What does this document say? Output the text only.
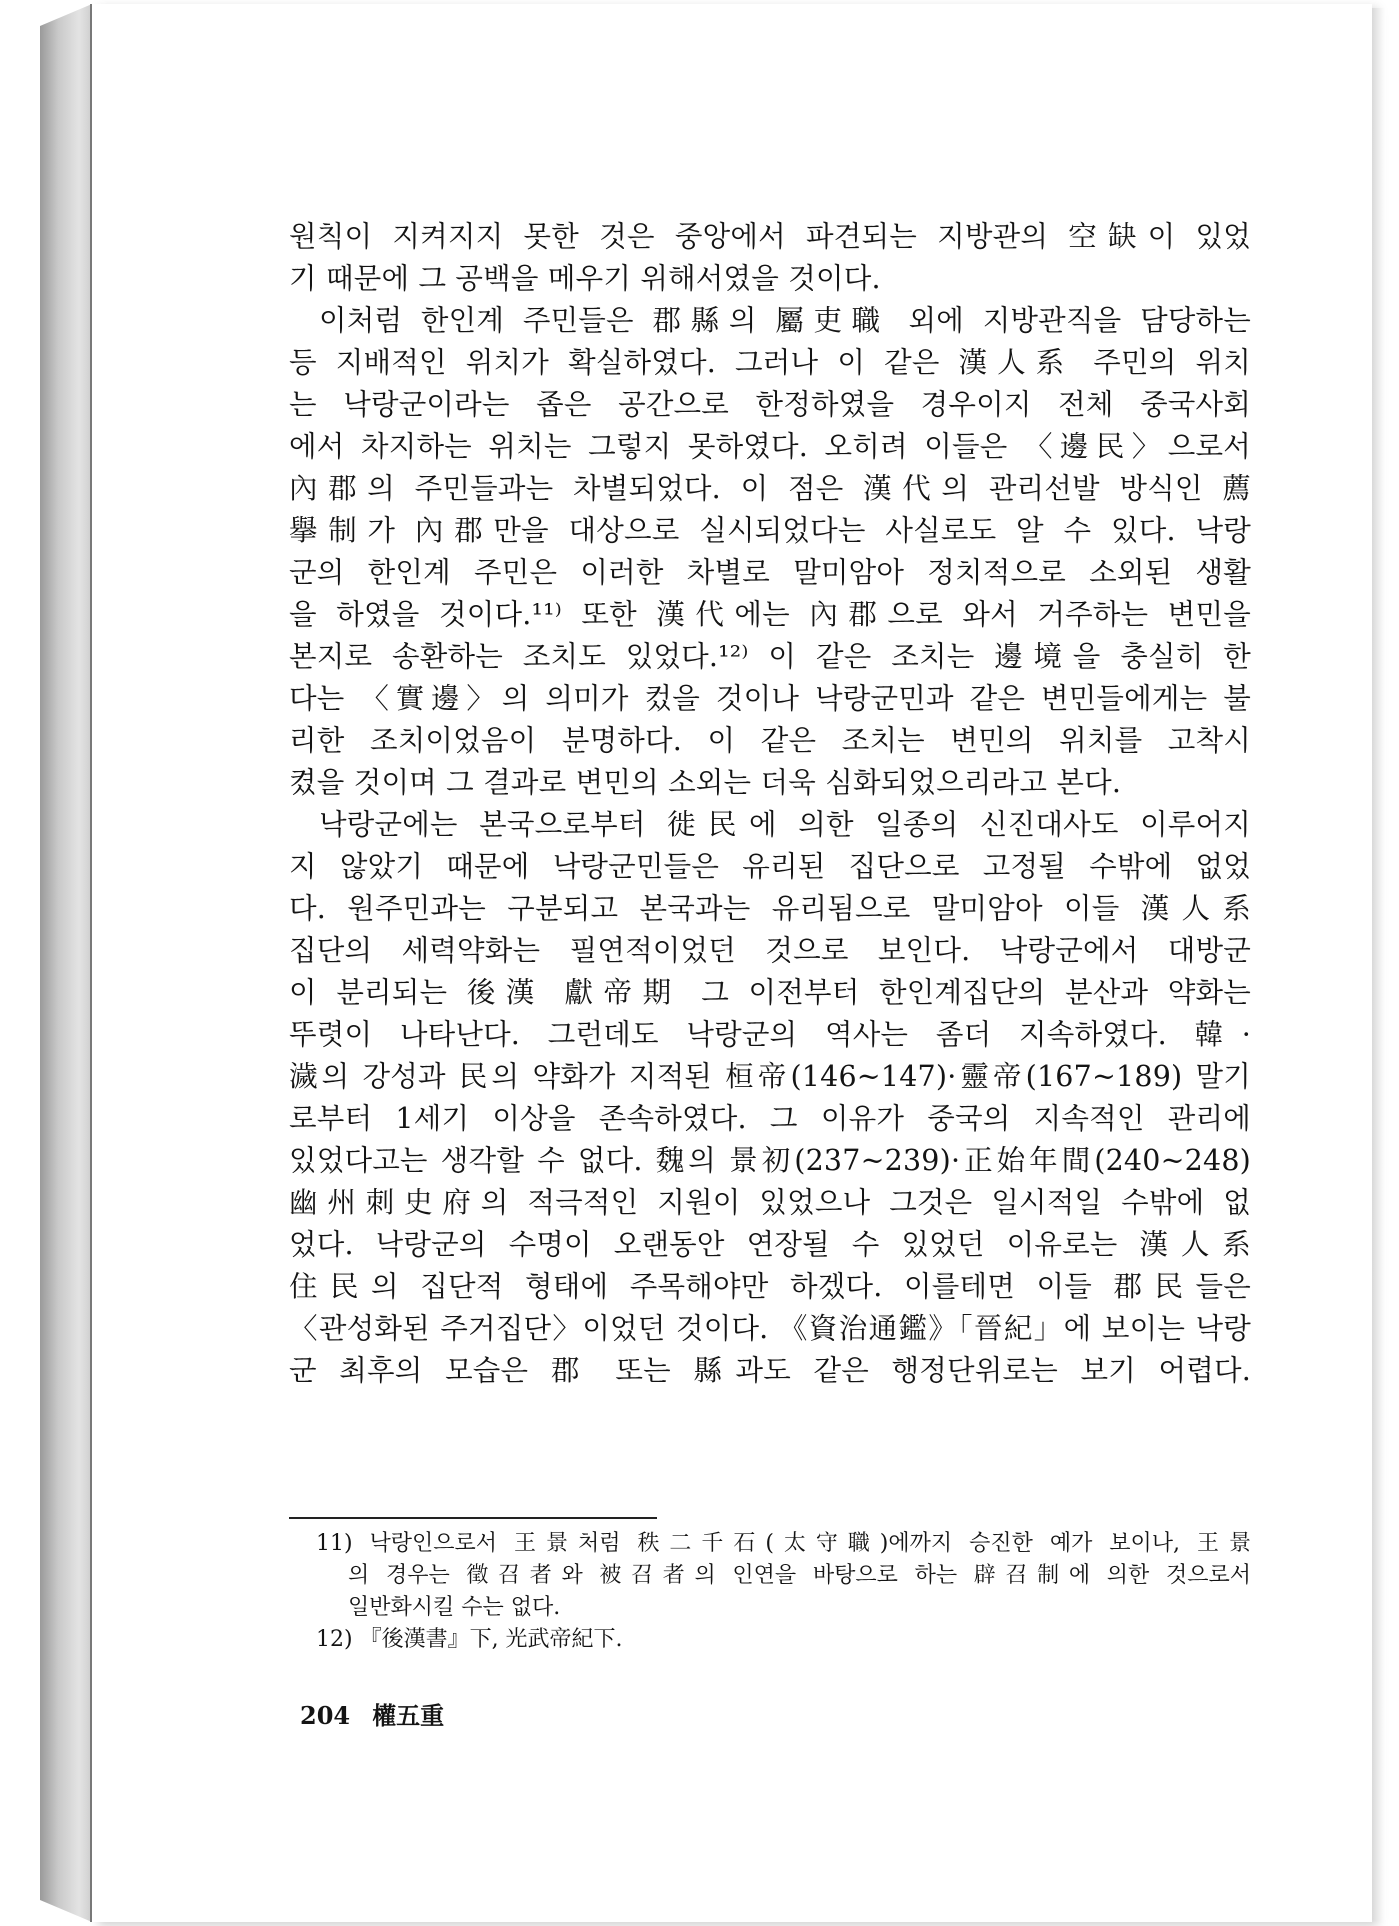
원칙이 지켜지지 못한 것은 중앙에서 파견되는 지방관의 空缺이 있었
기 때문에 그 공백을 메우기 위해서였을 것이다.
이처럼 한인계 주민들은 郡縣의 屬吏職 외에 지방관직을 담당하는
등 지배적인 위치가 확실하였다. 그러나 이 같은 漢人系 주민의 위치
는 낙랑군이라는 좁은 공간으로 한정하였을 경우이지 전체 중국사회
에서 차지하는 위치는 그렇지 못하였다. 오히려 이들은 〈邊民〉으로서
內郡의 주민들과는 차별되었다. 이 점은 漢代의 관리선발 방식인 薦
擧制가 內郡만을 대상으로 실시되었다는 사실로도 알 수 있다. 낙랑
군의 한인계 주민은 이러한 차별로 말미암아 정치적으로 소외된 생활
을 하였을 것이다.¹¹⁾ 또한 漢代에는 內郡으로 와서 거주하는 변민을
본지로 송환하는 조치도 있었다.¹²⁾ 이 같은 조치는 邊境을 충실히 한
다는 〈實邊〉의 의미가 컸을 것이나 낙랑군민과 같은 변민들에게는 불
리한 조치이었음이 분명하다. 이 같은 조치는 변민의 위치를 고착시
켰을 것이며 그 결과로 변민의 소외는 더욱 심화되었으리라고 본다.
낙랑군에는 본국으로부터 徙民에 의한 일종의 신진대사도 이루어지
지 않았기 때문에 낙랑군민들은 유리된 집단으로 고정될 수밖에 없었
다. 원주민과는 구분되고 본국과는 유리됨으로 말미암아 이들 漢人系
집단의 세력약화는 필연적이었던 것으로 보인다. 낙랑군에서 대방군
이 분리되는 後漢 獻帝期 그 이전부터 한인계집단의 분산과 약화는
뚜렷이 나타난다. 그런데도 낙랑군의 역사는 좀더 지속하였다. 韓·
濊의 강성과 民의 약화가 지적된 桓帝(146~147)·靈帝(167~189) 말기
로부터 1세기 이상을 존속하였다. 그 이유가 중국의 지속적인 관리에
있었다고는 생각할 수 없다. 魏의 景初(237~239)·正始年間(240~248)
幽州刺史府의 적극적인 지원이 있었으나 그것은 일시적일 수밖에 없
었다. 낙랑군의 수명이 오랜동안 연장될 수 있었던 이유로는 漢人系
住民의 집단적 형태에 주목해야만 하겠다. 이를테면 이들 郡民들은
〈관성화된 주거집단〉이었던 것이다. 《資治通鑑》「晉紀」에 보이는 낙랑
군 최후의 모습은 郡 또는 縣과도 같은 행정단위로는 보기 어렵다.
11) 낙랑인으로서 王景처럼 秩二千石(太守職)에까지 승진한 예가 보이나, 王景
의 경우는 徵召者와 被召者의 인연을 바탕으로 하는 辟召制에 의한 것으로서
일반화시킬 수는 없다.
12) 『後漢書』下, 光武帝紀下.
204 權五重
